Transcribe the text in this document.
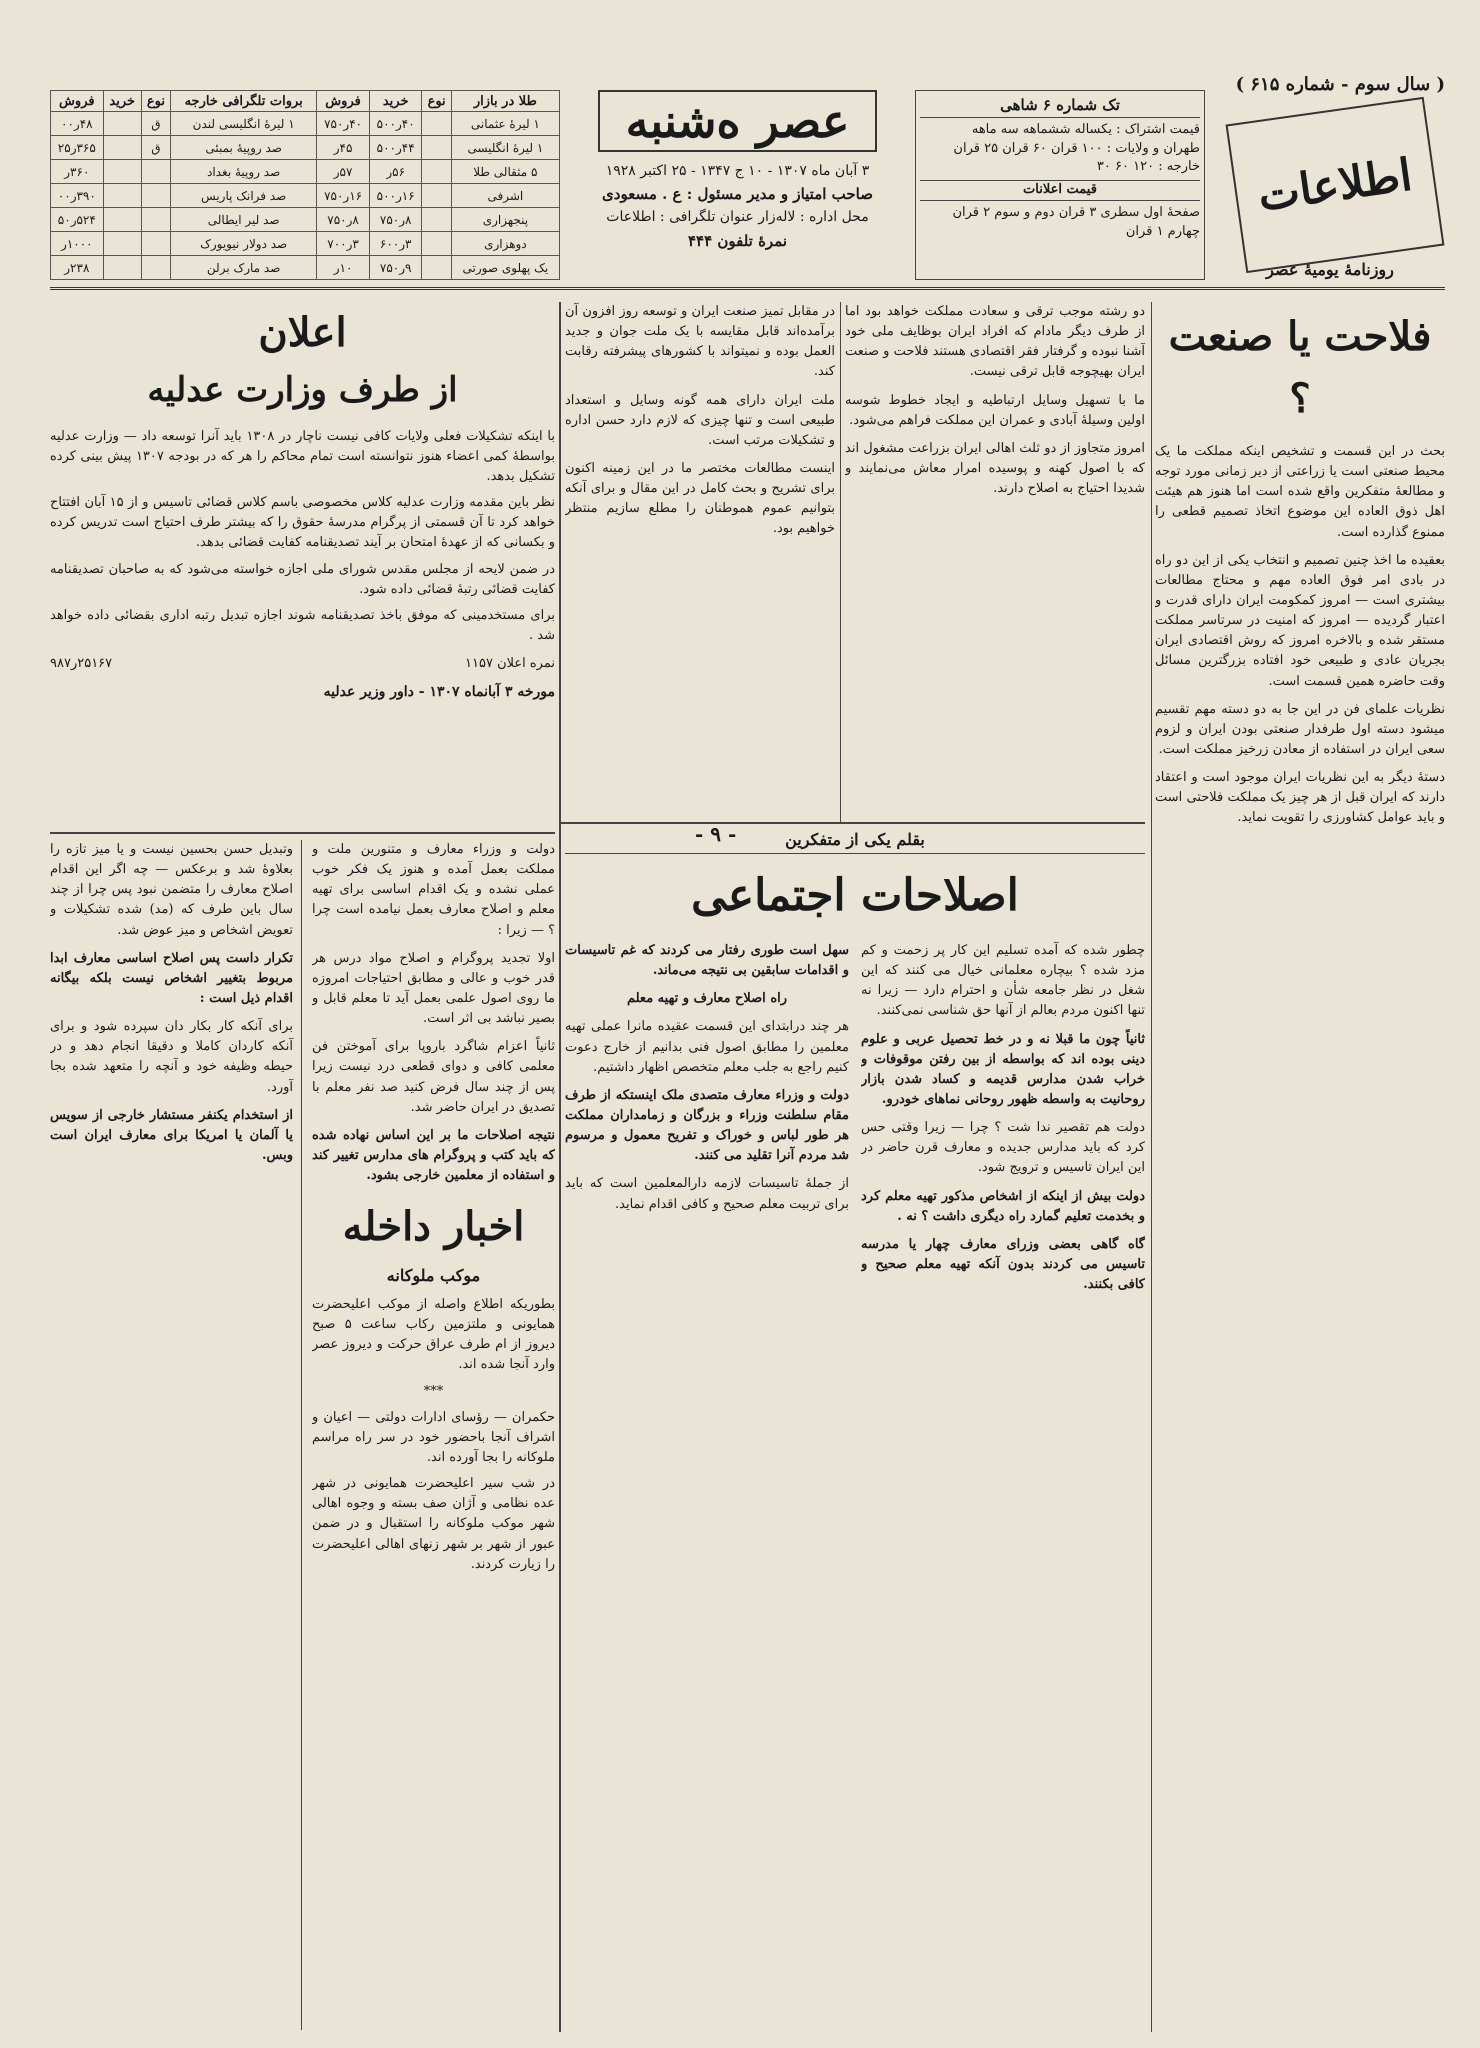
( سال سوم - شماره ۶۱۵ )
اطلاعات
روزنامهٔ یومیهٔ عصر
تک شماره ۶ شاهی
قیمت اشتراک : یکساله ششماهه سه ماهه
طهران و ولایات : ۱۰۰ قران ۶۰ قران ۲۵ قران
خارجه : ۱۲۰ ۶۰ ۳۰
قیمت اعلانات
صفحهٔ اول سطری ۳ قران دوم و سوم ۲ قران چهارم ۱ قران
عصر ه‌شنبه
۳ آبان ماه ۱۳۰۷ - ۱۰ ج ۱۳۴۷ - ۲۵ اکتبر ۱۹۲۸
صاحب امتیاز و مدیر مسئول : ع . مسعودی
محل اداره : لاله‌زار عنوان تلگرافی : اطلاعات
نمرهٔ تلفون ۴۴۴
طلا در بازار	نوع	خرید	فروش	بروات تلگرافی خارجه	نوع	خرید	فروش
۱ لیرهٔ عثمانی		۴۰ر۵۰۰	۴۰ر۷۵۰	۱ لیرهٔ انگلیسی لندن	ق		۴۸ر۰۰
۱ لیرهٔ انگلیسی		۴۴ر۵۰۰	۴۵ر	صد روپیهٔ بمبئی	ق		۳۶۵ر۲۵
۵ مثقالی طلا		۵۶ر	۵۷ر	صد روپیهٔ بغداد			۳۶۰ر
اشرفی		۱۶ر۵۰۰	۱۶ر۷۵۰	صد فرانک پاریس			۳۹۰ر۰۰
پنجهزاری		۸ر۷۵۰	۸ر۷۵۰	صد لیر ایطالی			۵۲۴ر۵۰
دوهزاری		۳ر۶۰۰	۳ر۷۰۰	صد دولار نیویورک			۱۰۰۰ر
یک پهلوی صورتی		۹ر۷۵۰	۱۰ر	صد مارک برلن			۲۳۸ر
فلاحت یا صنعت ؟

بحث در این قسمت و تشخیص اینکه مملکت ما یک محیط صنعتی است یا زراعتی از دیر زمانی مورد توجه و مطالعهٔ متفکرین واقع شده است اما هنوز هم هیئت اهل ذوق العاده این موضوع اتخاذ تصمیم قطعی را ممنوع گذارده است.

بعقیده ما اخذ چنین تصمیم و انتخاب یکی از این دو راه در بادی امر فوق العاده مهم و محتاج مطالعات بیشتری است — امروز کمکومت ایران دارای قدرت و اعتبار گردیده — امروز که امنیت در سرتاسر مملکت مستقر شده و بالاخره امروز که روش اقتصادی ایران بجریان عادی و طبیعی خود افتاده بزرگترین مسائل وقت حاضره همین قسمت است.

نظریات علمای فن در این جا به دو دسته مهم تقسیم میشود دسته اول طرفدار صنعتی بودن ایران و لزوم سعی ایران در استفاده از معادن زرخیز مملکت است.

دستهٔ دیگر به این نظریات ایران موجود است و اعتقاد دارند که ایران قبل از هر چیز یک مملکت فلاحتی است و باید عوامل کشاورزی را تقویت نماید.

دو رشته موجب ترقی و سعادت مملکت خواهد بود اما از طرف دیگر مادام که افراد ایران بوظایف ملی خود آشنا نبوده و گرفتار فقر اقتصادی هستند فلاحت و صنعت ایران بهیچوجه قابل ترقی نیست.

ما با تسهیل وسایل ارتباطیه و ایجاد خطوط شوسه اولین وسیلهٔ آبادی و عمران این مملکت فراهم می‌شود.

امروز متجاوز از دو ثلث اهالی ایران بزراعت مشغول اند که با اصول کهنه و پوسیده امرار معاش می‌نمایند و شدیدا احتیاج به اصلاح دارند.

در مقابل تمیز صنعت ایران و توسعه روز افزون آن برآمده‌اند قابل مقایسه با یک ملت جوان و جدید العمل بوده و نمیتواند با کشورهای پیشرفته رقابت کند.

ملت ایران دارای همه گونه وسایل و استعداد طبیعی است و تنها چیزی که لازم دارد حسن اداره و تشکیلات مرتب است.

اینست مطالعات مختصر ما در این زمینه اکنون برای تشریح و بحث کامل در این مقال و برای آنکه بتوانیم عموم هموطنان را مطلع سازیم منتظر خواهیم بود.

اعلان
از طرف وزارت عدلیه

با اینکه تشکیلات فعلی ولایات کافی نیست ناچار در ۱۳۰۸ باید آنرا توسعه داد — وزارت عدلیه بواسطهٔ کمی اعضاء هنوز نتوانسته است تمام محاکم را هر که در بودجه ۱۳۰۷ پیش بینی کرده تشکیل بدهد.

نظر باین مقدمه وزارت عدلیه کلاس مخصوصی باسم کلاس قضائی تاسیس و از ۱۵ آبان افتتاح خواهد کرد تا آن قسمتی از پرگرام مدرسهٔ حقوق را که بیشتر طرف احتیاج است تدریس کرده و بکسانی که از عهدهٔ امتحان بر آیند تصدیقنامه کفایت قضائی بدهد.

در ضمن لایحه از مجلس مقدس شورای ملی اجازه خواسته می‌شود که به صاحبان تصدیقنامه کفایت قضائی رتبهٔ قضائی داده شود.

برای مستخدمینی که موفق باخذ تصدیقنامه شوند اجازه تبدیل رتبه اداری بقضائی داده خواهد شد .

نمره اعلان ۱۱۵۷
۲۵۱۶۷ر۹۸۷
مورخه ۳ آبانماه ۱۳۰۷ - داور وزیر عدلیه
- ۹ -	بقلم یکی از متفکرین
اصلاحات اجتماعی

چطور شده که آمده تسلیم این کار پر زحمت و کم مزد شده ؟ بیچاره معلمانی خیال می کنند که این شغل در نظر جامعه شأن و احترام دارد — زیرا نه تنها اکنون مردم بعالم از آنها حق شناسی نمی‌کنند.

ثانیاً چون ما قبلا نه و در خط تحصیل عربی و علوم دینی بوده اند که بواسطه از بین رفتن موقوفات و خراب شدن مدارس قدیمه و کساد شدن بازار روحانیت به واسطه ظهور روحانی نماهای خودرو.

دولت هم تقصیر ندا شت ؟ چرا — زیرا وقتی حس کرد که باید مدارس جدیده و معارف قرن حاضر در این ایران تاسیس و ترویج شود.

دولت بیش از اینکه از اشخاص مذکور تهیه معلم کرد و بخدمت تعلیم گمارد راه دیگری داشت ؟ نه .

گاه گاهی بعضی وزرای معارف چهار یا مدرسه تاسیس می کردند بدون آنکه تهیه معلم صحیح و کافی بکنند.

سهل است طوری رفتار می کردند که غم تاسیسات و اقدامات سابقین بی نتیجه می‌ماند.

راه اصلاح معارف و تهیه معلم

هر چند درابتدای این قسمت عقیده مانرا عملی تهیه معلمین را مطابق اصول فنی بدانیم از خارج دعوت کنیم راجع به جلب معلم متخصص اظهار داشتیم.

دولت و وزراء معارف متصدی ملک اینستکه از طرف مقام سلطنت وزراء و بزرگان و زمامداران مملکت هر طور لباس و خوراک و تفریح معمول و مرسوم شد مردم آنرا تقلید می کنند.

از جملهٔ تاسیسات لازمه دارالمعلمین است که باید برای تربیت معلم صحیح و کافی اقدام نماید.

دولت و وزراء معارف و متنورین ملت و مملکت بعمل آمده و هنوز یک فکر خوب عملی نشده و یک اقدام اساسی برای تهیه معلم و اصلاح معارف بعمل نیامده است چرا ؟ — زیرا :

اولا تجدید پروگرام و اصلاح مواد درس هر قدر خوب و عالی و مطابق احتیاجات امروزه ما روی اصول علمی بعمل آید تا معلم قابل و بصیر نباشد بی اثر است.

ثانیاً اعزام شاگرد باروپا برای آموختن فن معلمی کافی و دوای قطعی درد نیست زیرا پس از چند سال فرض کنید صد نفر معلم با تصدیق در ایران حاضر شد.

نتیجه اصلاحات ما بر این اساس نهاده شده که باید کتب و پروگرام های مدارس تغییر کند و استفاده از معلمین خارجی بشود.

اخبار داخله
موکب ملوکانه

بطوریکه اطلاع واصله از موکب اعلیحضرت همایونی و ملتزمین رکاب ساعت ۵ صبح دیروز از ام طرف عراق حرکت و دیروز عصر وارد آنجا شده اند.

***

حکمران — رؤسای ادارات دولتی — اعیان و اشراف آنجا باحضور خود در سر راه مراسم ملوکانه را بجا آورده اند.

در شب سیر اعلیحضرت همایونی در شهر عده نظامی و آژان صف بسته و وجوه اهالی شهر موکب ملوکانه را استقبال و در ضمن عبور از شهر بر شهر زنهای اهالی اعلیحضرت را زیارت کردند.

وتبدیل حسن بحسین نیست و یا میز تازه را بعلاوهٔ شد و برعکس — چه اگر این اقدام اصلاح معارف را متضمن نبود پس چرا از چند سال باین طرف که (مد) شده تشکیلات و تعویض اشخاص و میز عوض شد.

تکرار داست پس اصلاح اساسی معارف ابدا مربوط بتغییر اشخاص نیست بلکه بیگانه اقدام ذیل است :

برای آنکه کار بکار دان سپرده شود و برای آنکه کاردان کاملا و دقیقا انجام دهد و در حیطه وظیفه خود و آنچه را متعهد شده بجا آورد.

از استخدام یکنفر مستشار خارجی از سویس یا آلمان یا امریکا برای معارف ایران است وبس.
